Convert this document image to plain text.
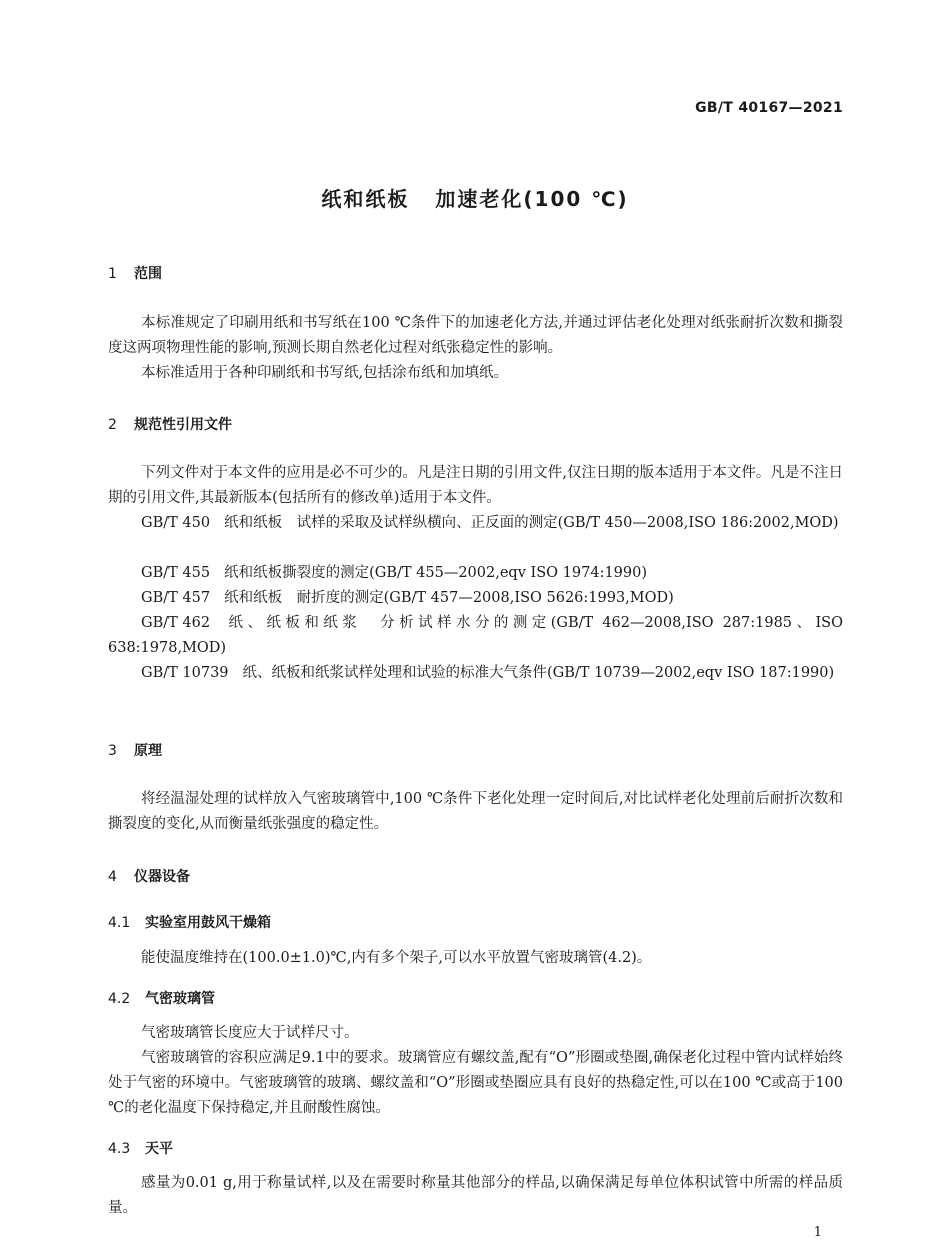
GB/T 40167—2021
纸和纸板 加速老化(100 ℃)
1 范围
本标准规定了印刷用纸和书写纸在100 ℃条件下的加速老化方法,并通过评估老化处理对纸张耐折次数和撕裂度这两项物理性能的影响,预测长期自然老化过程对纸张稳定性的影响。
本标准适用于各种印刷纸和书写纸,包括涂布纸和加填纸。
2 规范性引用文件
下列文件对于本文件的应用是必不可少的。凡是注日期的引用文件,仅注日期的版本适用于本文件。凡是不注日期的引用文件,其最新版本(包括所有的修改单)适用于本文件。
GB/T 450 纸和纸板　试样的采取及试样纵横向、正反面的测定(GB/T 450—2008,ISO 186:2002,MOD)
GB/T 455 纸和纸板撕裂度的测定(GB/T 455—2002,eqv ISO 1974:1990)
GB/T 457 纸和纸板　耐折度的测定(GB/T 457—2008,ISO 5626:1993,MOD)
GB/T 462 纸、纸板和纸浆　分析试样水分的测定(GB/T 462—2008,ISO 287:1985、ISO 638:1978,MOD)
GB/T 10739 纸、纸板和纸浆试样处理和试验的标准大气条件(GB/T 10739—2002,eqv ISO 187:1990)
3 原理
将经温湿处理的试样放入气密玻璃管中,100 ℃条件下老化处理一定时间后,对比试样老化处理前后耐折次数和撕裂度的变化,从而衡量纸张强度的稳定性。
4 仪器设备
4.1 实验室用鼓风干燥箱
能使温度维持在(100.0±1.0)℃,内有多个架子,可以水平放置气密玻璃管(4.2)。
4.2 气密玻璃管
气密玻璃管长度应大于试样尺寸。
气密玻璃管的容积应满足9.1中的要求。玻璃管应有螺纹盖,配有“O”形圈或垫圈,确保老化过程中管内试样始终处于气密的环境中。气密玻璃管的玻璃、螺纹盖和“O”形圈或垫圈应具有良好的热稳定性,可以在100 ℃或高于100 ℃的老化温度下保持稳定,并且耐酸性腐蚀。
4.3 天平
感量为0.01 g,用于称量试样,以及在需要时称量其他部分的样品,以确保满足每单位体积试管中所需的样品质量。
1
